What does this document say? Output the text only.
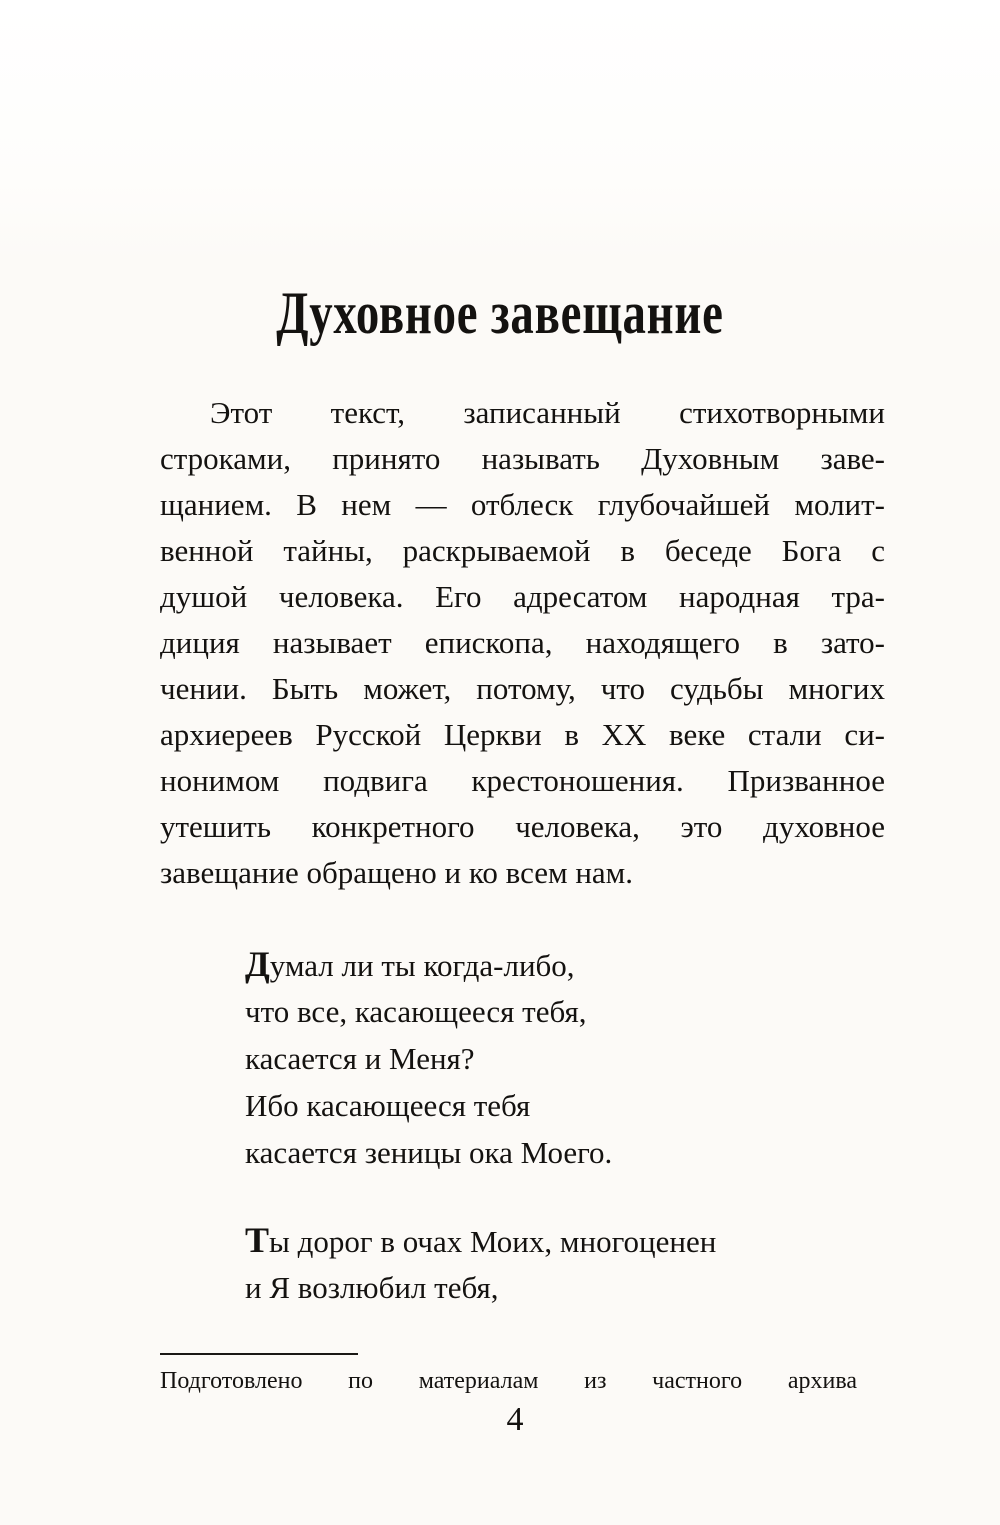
Духовное завещание
Этот текст, записанный стихотворными
строками, принято называть Духовным заве-
щанием. В нем — отблеск глубочайшей молит-
венной тайны, раскрываемой в беседе Бога с
душой человека. Его адресатом народная тра-
диция называет епископа, находящего в зато-
чении. Быть может, потому, что судьбы многих
архиереев Русской Церкви в XX веке стали си-
нонимом подвига крестоношения. Призванное
утешить конкретного человека, это духовное
завещание обращено и ко всем нам.
Думал ли ты когда-либо,
что все, касающееся тебя,
касается и Меня?
Ибо касающееся тебя
касается зеницы ока Моего.
Ты дорог в очах Моих, многоценен
и Я возлюбил тебя,
Подготовлено по материалам из частного архива
4
